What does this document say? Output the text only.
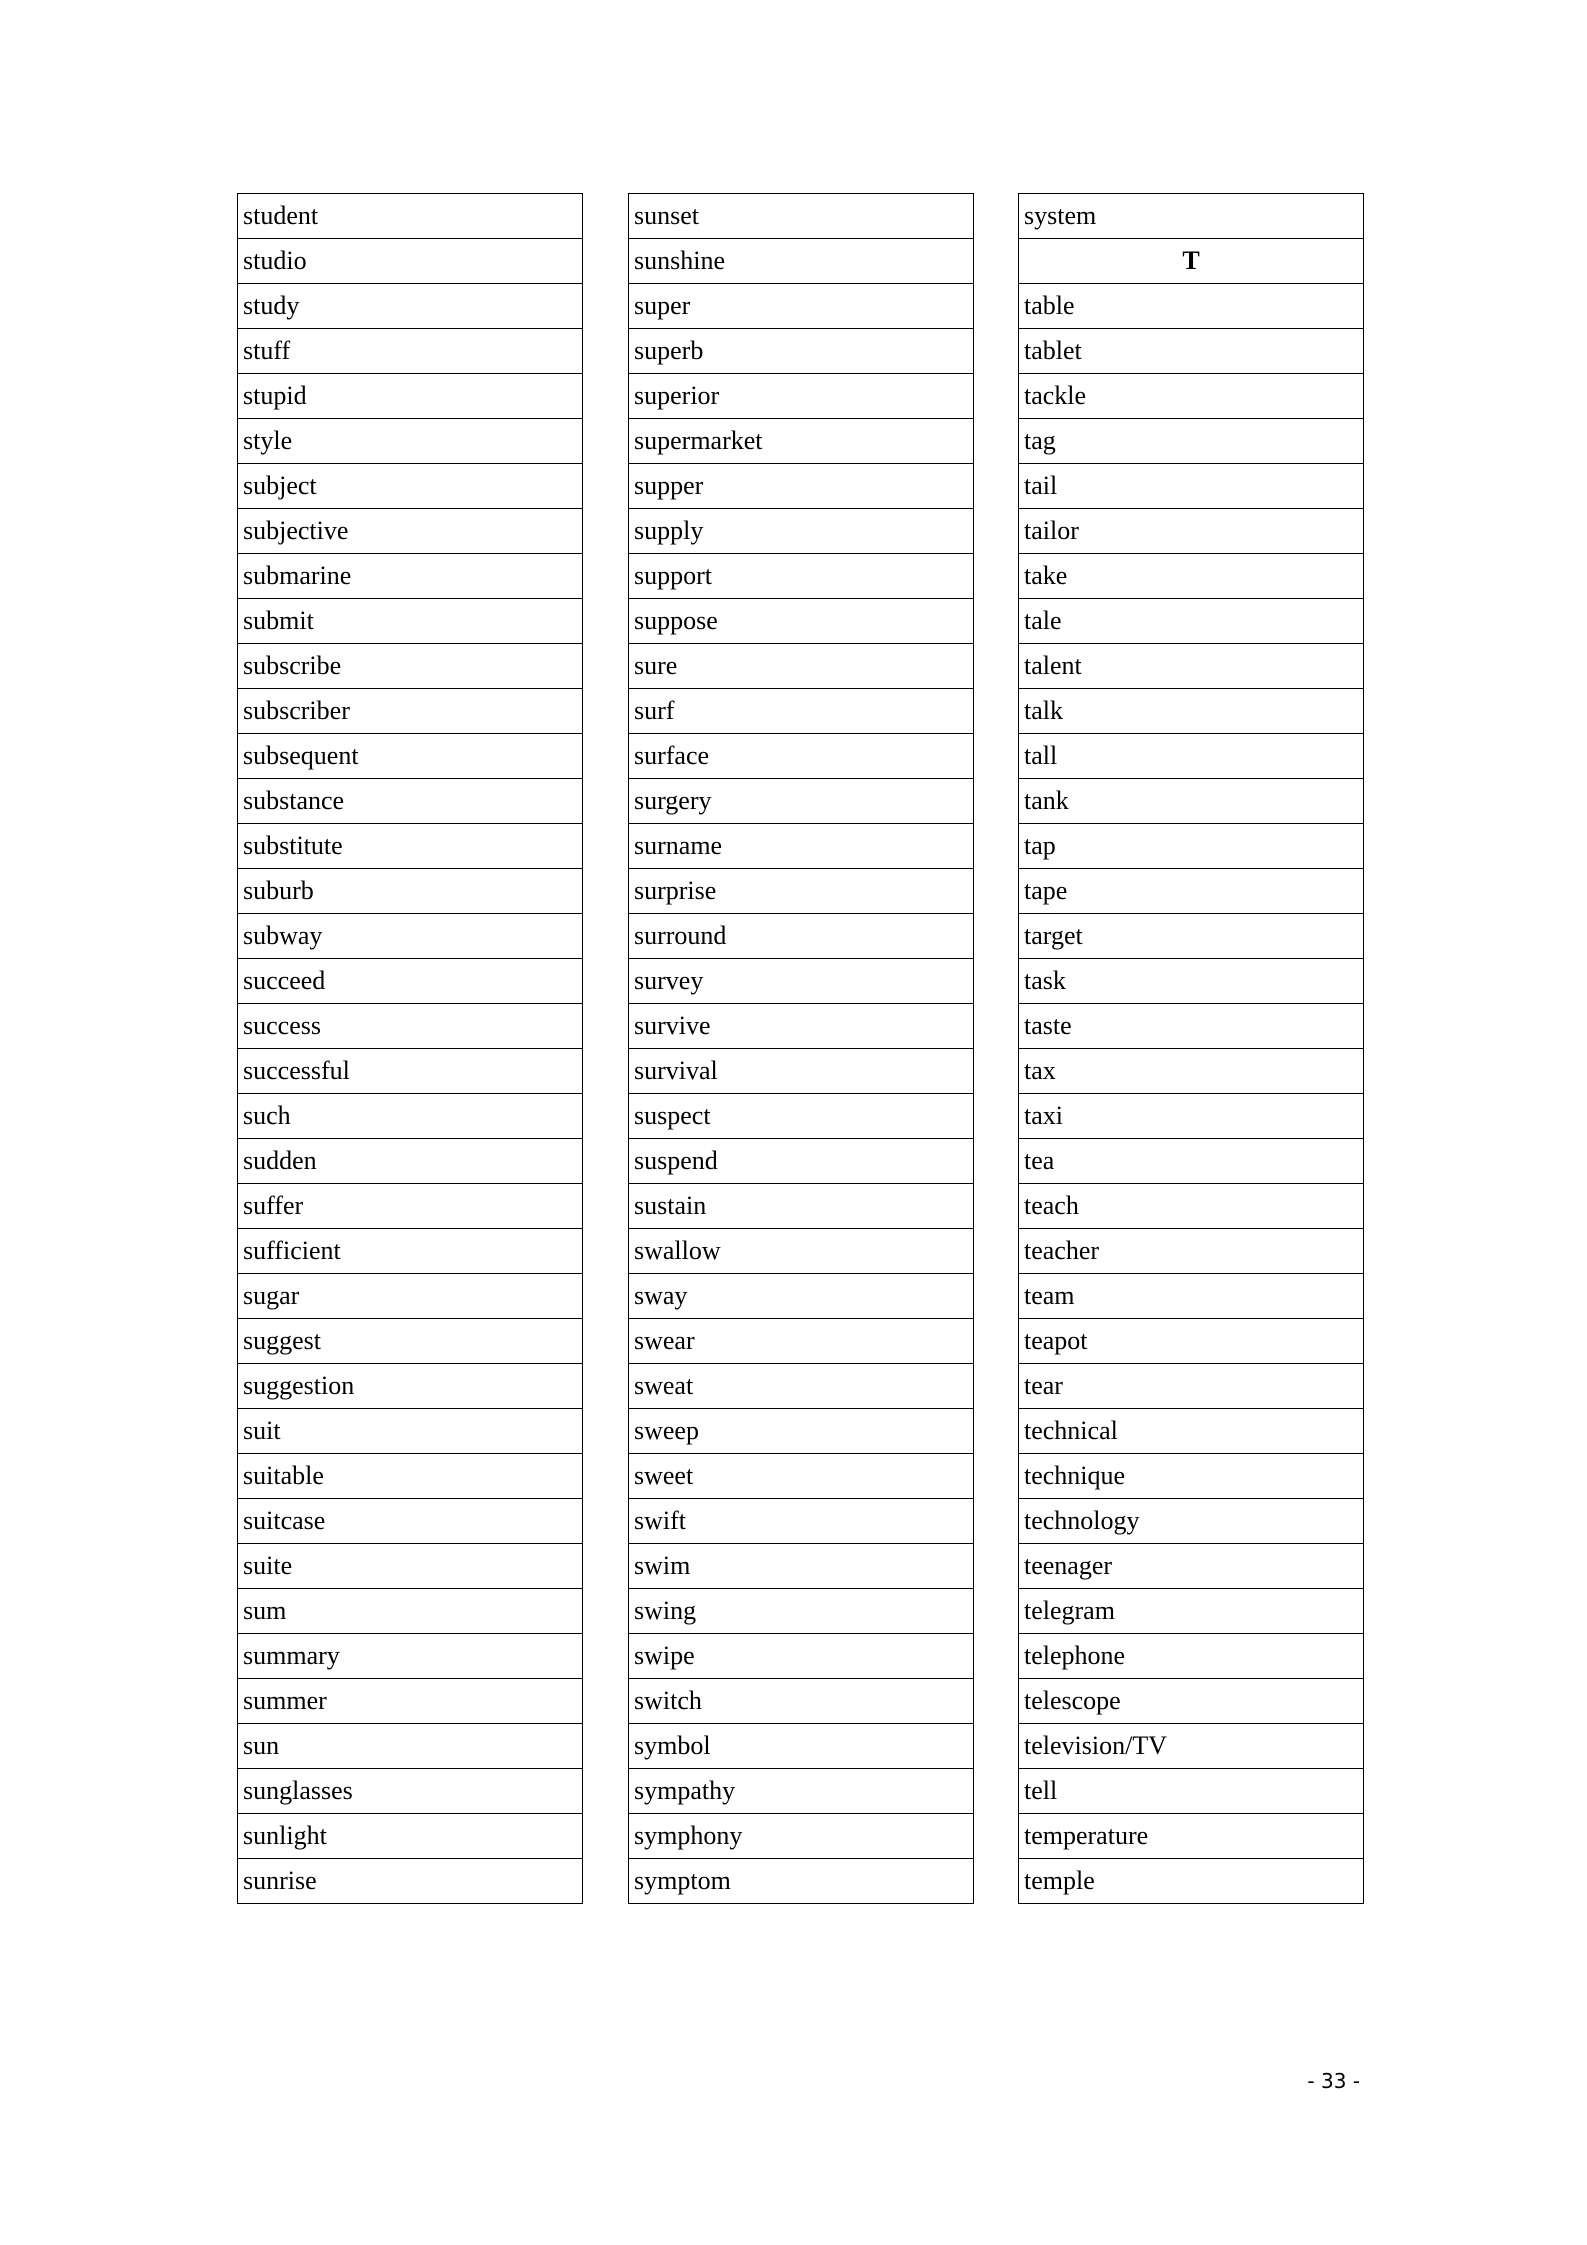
student
studio
study
stuff
stupid
style
subject
subjective
submarine
submit
subscribe
subscriber
subsequent
substance
substitute
suburb
subway
succeed
success
successful
such
sudden
suffer
sufficient
sugar
suggest
suggestion
suit
suitable
suitcase
suite
sum
summary
summer
sun
sunglasses
sunlight
sunrise
sunset
sunshine
super
superb
superior
supermarket
supper
supply
support
suppose
sure
surf
surface
surgery
surname
surprise
surround
survey
survive
survival
suspect
suspend
sustain
swallow
sway
swear
sweat
sweep
sweet
swift
swim
swing
swipe
switch
symbol
sympathy
symphony
symptom
system
T
table
tablet
tackle
tag
tail
tailor
take
tale
talent
talk
tall
tank
tap
tape
target
task
taste
tax
taxi
tea
teach
teacher
team
teapot
tear
technical
technique
technology
teenager
telegram
telephone
telescope
television/TV
tell
temperature
temple
- 33 -
